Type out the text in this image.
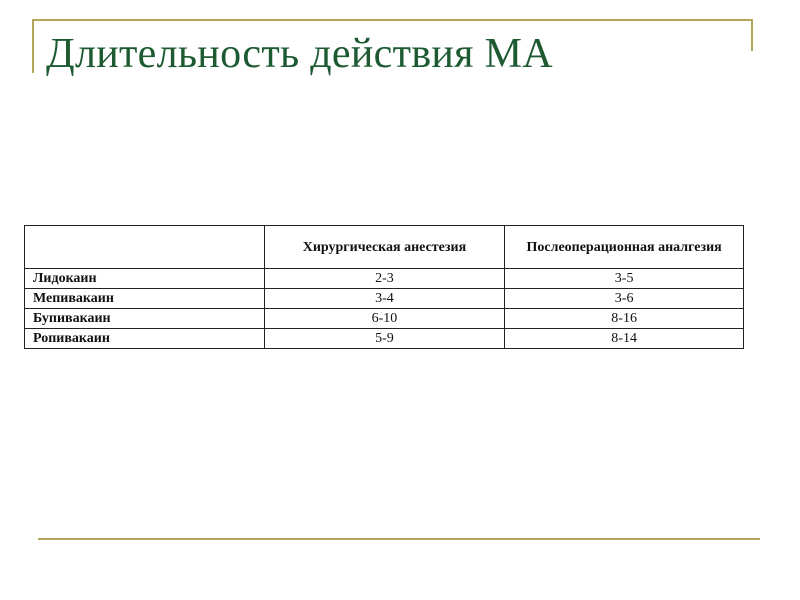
Длительность действия МА
	Хирургическая анестезия	Послеоперационная аналгезия
Лидокаин	2-3	3-5
Мепивакаин	3-4	3-6
Бупивакаин	6-10	8-16
Ропивакаин	5-9	8-14
